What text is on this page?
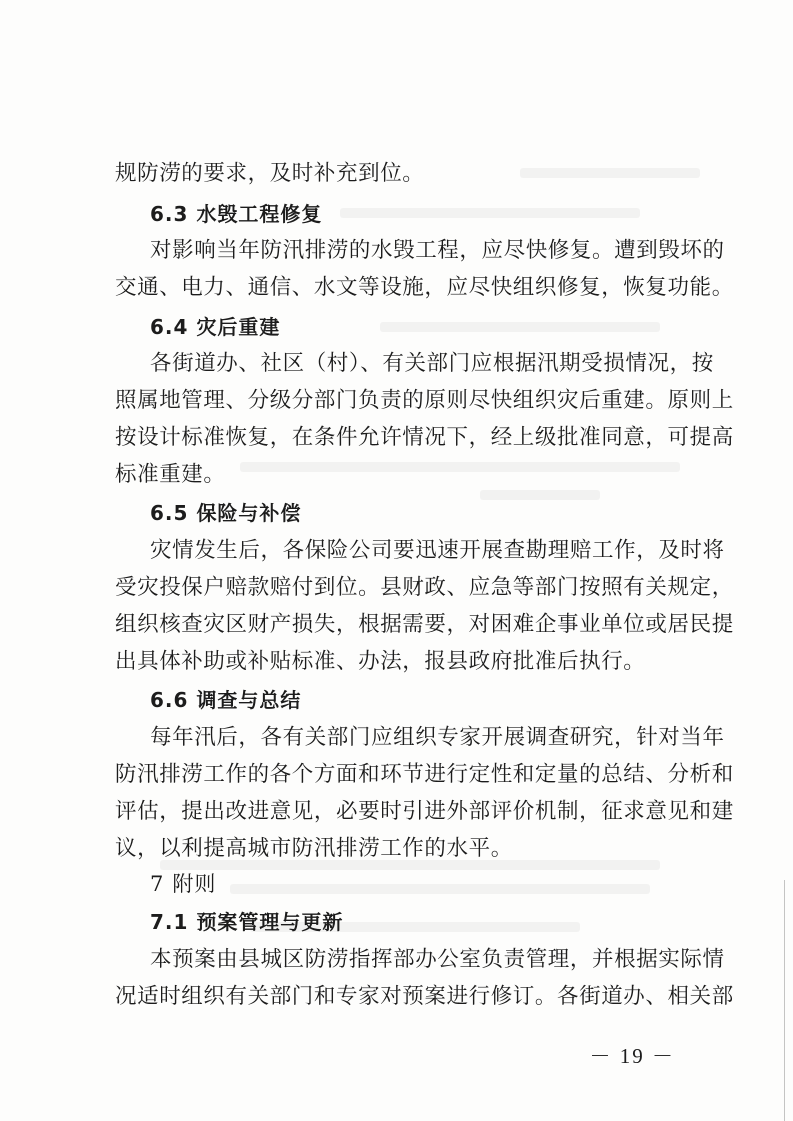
规防涝的要求，及时补充到位。
6.3 水毁工程修复
对影响当年防汛排涝的水毁工程，应尽快修复。遭到毁坏的
交通、电力、通信、水文等设施，应尽快组织修复，恢复功能。
6.4 灾后重建
各街道办、社区（村）、有关部门应根据汛期受损情况，按
照属地管理、分级分部门负责的原则尽快组织灾后重建。原则上
按设计标准恢复，在条件允许情况下，经上级批准同意，可提高
标准重建。
6.5 保险与补偿
灾情发生后，各保险公司要迅速开展查勘理赔工作，及时将
受灾投保户赔款赔付到位。县财政、应急等部门按照有关规定，
组织核查灾区财产损失，根据需要，对困难企事业单位或居民提
出具体补助或补贴标准、办法，报县政府批准后执行。
6.6 调查与总结
每年汛后，各有关部门应组织专家开展调查研究，针对当年
防汛排涝工作的各个方面和环节进行定性和定量的总结、分析和
评估，提出改进意见，必要时引进外部评价机制，征求意见和建
议，以利提高城市防汛排涝工作的水平。
7 附则
7.1 预案管理与更新
本预案由县城区防涝指挥部办公室负责管理，并根据实际情
况适时组织有关部门和专家对预案进行修订。各街道办、相关部
－ 19 －
